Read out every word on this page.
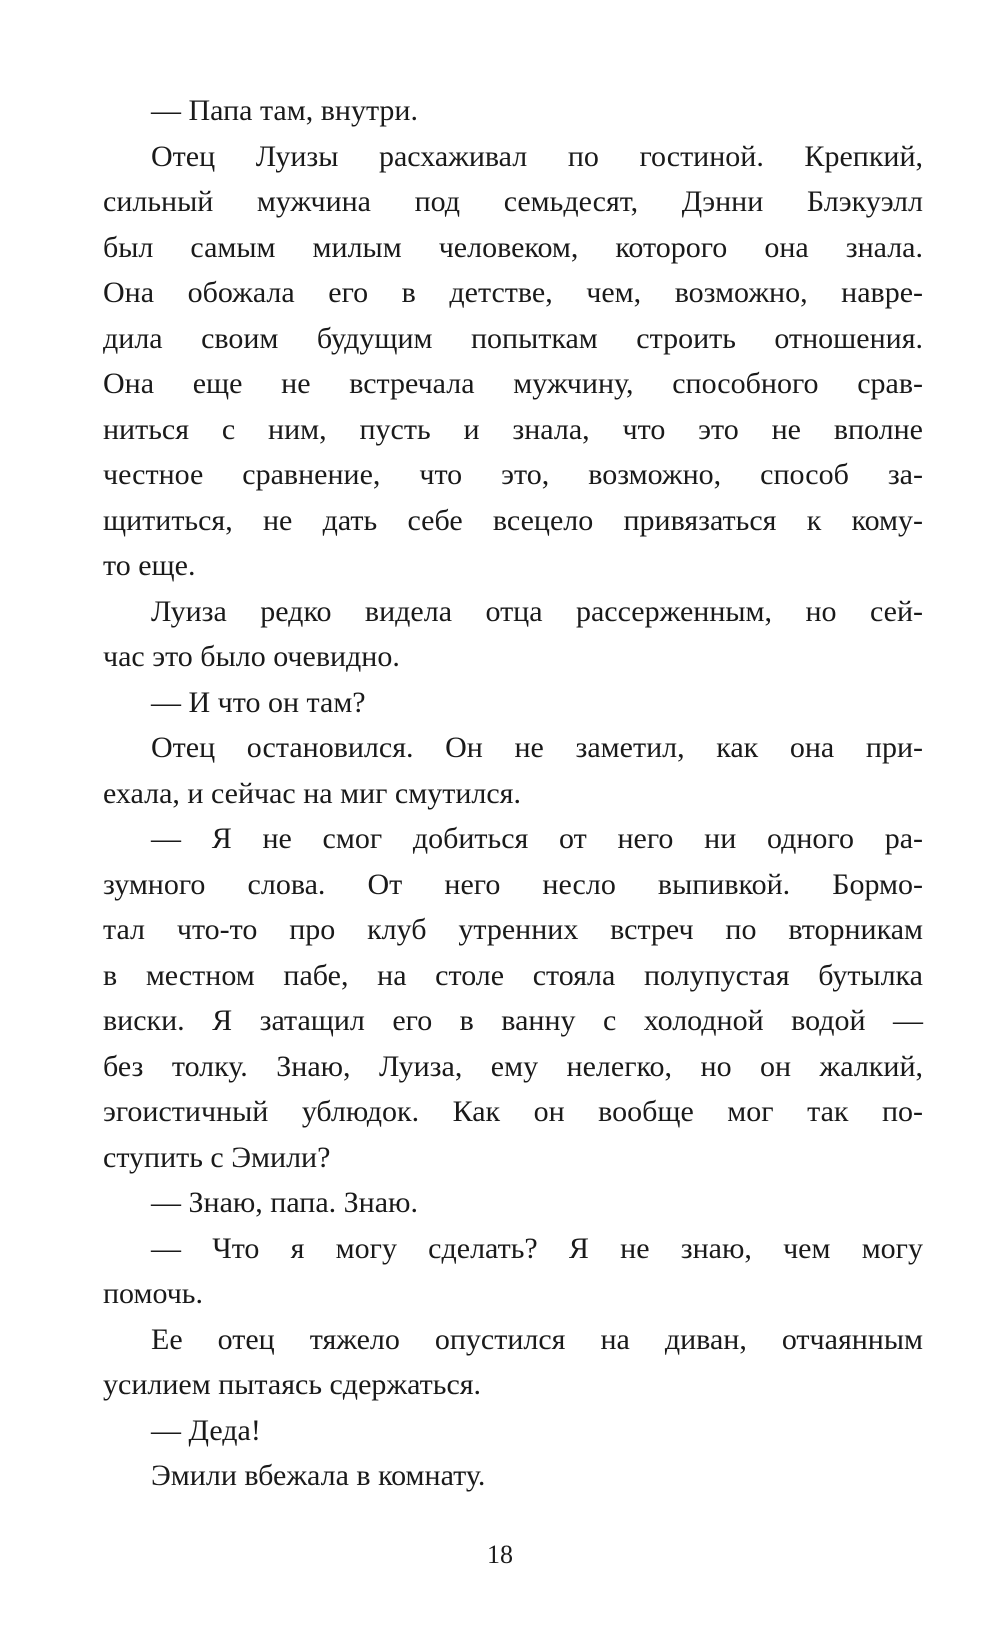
— Папа там, внутри.
Отец Луизы расхаживал по гостиной. Крепкий,
сильный мужчина под семьдесят, Дэнни Блэкуэлл
был самым милым человеком, которого она знала.
Она обожала его в детстве, чем, возможно, навре-
дила своим будущим попыткам строить отношения.
Она еще не встречала мужчину, способного срав-
ниться с ним, пусть и знала, что это не вполне
честное сравнение, что это, возможно, способ за-
щититься, не дать себе всецело привязаться к кому-
то еще.
Луиза редко видела отца рассерженным, но сей-
час это было очевидно.
— И что он там?
Отец остановился. Он не заметил, как она при-
ехала, и сейчас на миг смутился.
— Я не смог добиться от него ни одного ра-
зумного слова. От него несло выпивкой. Бормо-
тал что-то про клуб утренних встреч по вторникам
в местном пабе, на столе стояла полупустая бутылка
виски. Я затащил его в ванну с холодной водой —
без толку. Знаю, Луиза, ему нелегко, но он жалкий,
эгоистичный ублюдок. Как он вообще мог так по-
ступить с Эмили?
— Знаю, папа. Знаю.
— Что я могу сделать? Я не знаю, чем могу
помочь.
Ее отец тяжело опустился на диван, отчаянным
усилием пытаясь сдержаться.
— Деда!
Эмили вбежала в комнату.
18
